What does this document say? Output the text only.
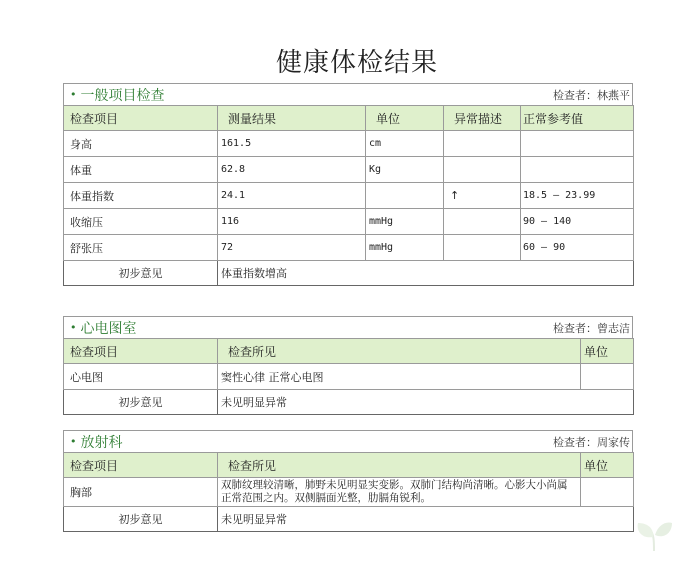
健康体检结果
• 一般项目检查	检查者：林燕平
检查项目	测量结果	单位	异常描述	正常参考值
身高	161.5	cm		
体重	62.8	Kg		
体重指数	24.1		↑	18.5 — 23.99
收缩压	116	mmHg		90 — 140
舒张压	72	mmHg		60 — 90
初步意见	体重指数增高			
• 心电图室	检查者：曾志洁
检查项目	检查所见	单位
心电图	窦性心律 正常心电图	
初步意见	未见明显异常	
• 放射科	检查者：周家传
检查项目	检查所见	单位
胸部	双肺纹理较清晰，肺野未见明显实变影。双肺门结构尚清晰。心影大小尚属正常范围之内。双侧膈面光整，肋膈角锐利。	
初步意见	未见明显异常	
